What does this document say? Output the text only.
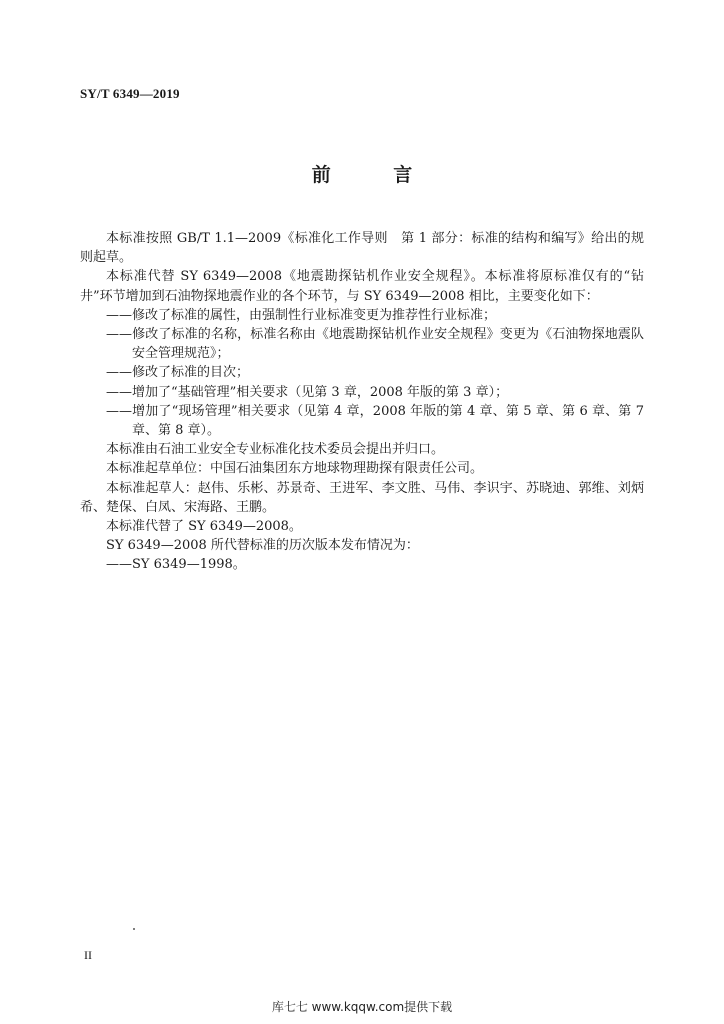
SY/T 6349—2019
前 言

本标准按照 GB/T 1.1—2009《标准化工作导则　第 1 部分：标准的结构和编写》给出的规则起草。

本标准代替 SY 6349—2008《地震勘探钻机作业安全规程》。本标准将原标准仅有的“钻井”环节增加到石油物探地震作业的各个环节，与 SY 6349—2008 相比，主要变化如下：

——修改了标准的属性，由强制性行业标准变更为推荐性行业标准；

——修改了标准的名称，标准名称由《地震勘探钻机作业安全规程》变更为《石油物探地震队安全管理规范》；

——修改了标准的目次；

——增加了“基础管理”相关要求（见第 3 章，2008 年版的第 3 章）；

——增加了“现场管理”相关要求（见第 4 章，2008 年版的第 4 章、第 5 章、第 6 章、第 7 章、第 8 章）。

本标准由石油工业安全专业标准化技术委员会提出并归口。

本标准起草单位：中国石油集团东方地球物理勘探有限责任公司。

本标准起草人：赵伟、乐彬、苏景奇、王进军、李文胜、马伟、李识宇、苏晓迪、郭维、刘炳希、楚保、白凤、宋海路、王鹏。

本标准代替了 SY 6349—2008。

SY 6349—2008 所代替标准的历次版本发布情况为：

——SY 6349—1998。

II
库七七 www.kqqw.com提供下载
